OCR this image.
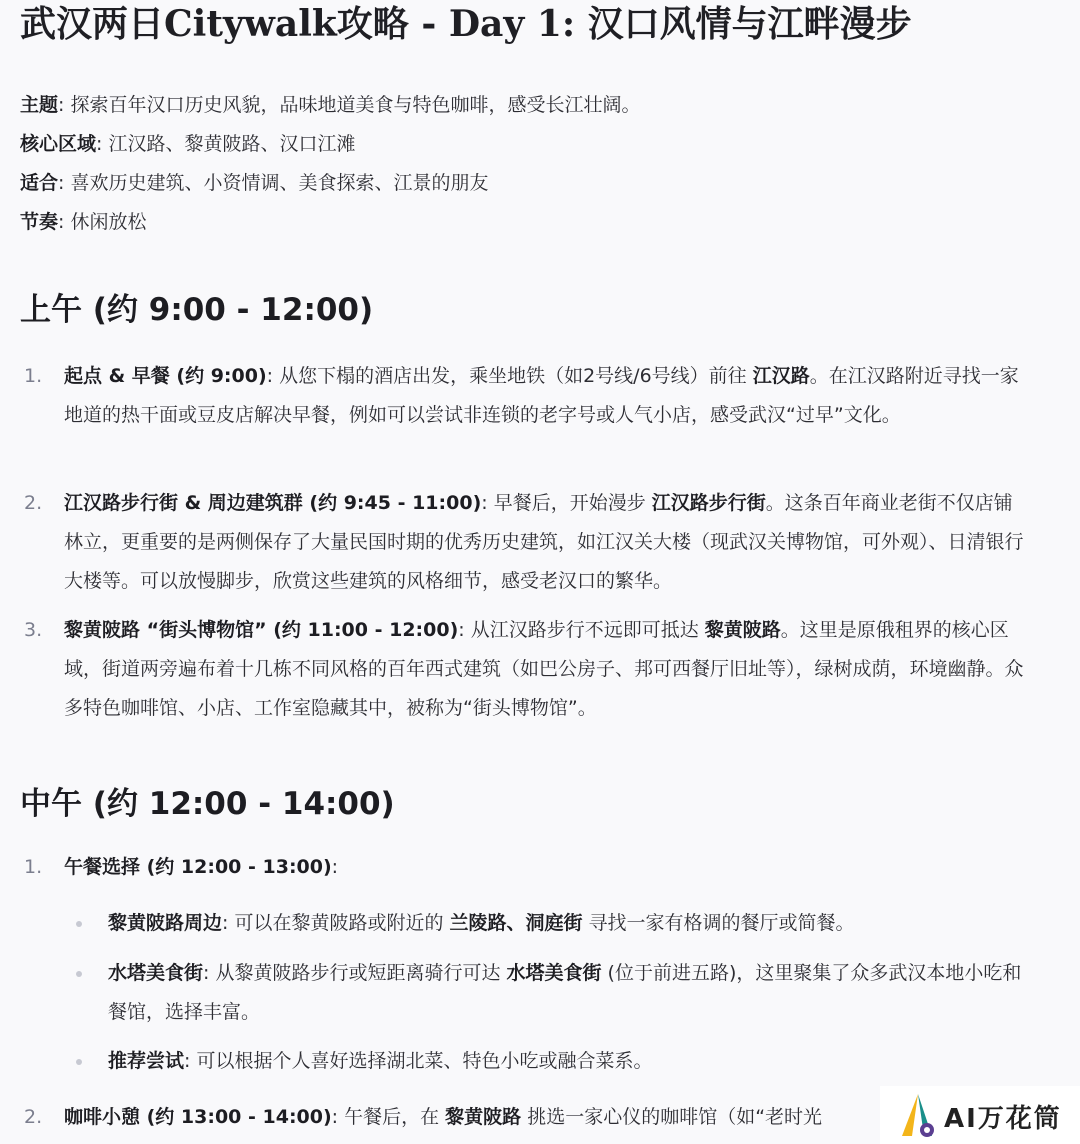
武汉两日Citywalk攻略 - Day 1: 汉口风情与江畔漫步
主题: 探索百年汉口历史风貌，品味地道美食与特色咖啡，感受长江壮阔。
核心区域: 江汉路、黎黄陂路、汉口江滩
适合: 喜欢历史建筑、小资情调、美食探索、江景的朋友
节奏: 休闲放松
上午 (约 9:00 - 12:00)
1. 起点 & 早餐 (约 9:00): 从您下榻的酒店出发，乘坐地铁（如2号线/6号线）前往 江汉路。在江汉路附近寻找一家地道的热干面或豆皮店解决早餐，例如可以尝试非连锁的老字号或人气小店，感受武汉“过早”文化。
2. 江汉路步行街 & 周边建筑群 (约 9:45 - 11:00): 早餐后，开始漫步 江汉路步行街。这条百年商业老街不仅店铺林立，更重要的是两侧保存了大量民国时期的优秀历史建筑，如江汉关大楼（现武汉关博物馆，可外观）、日清银行大楼等。可以放慢脚步，欣赏这些建筑的风格细节，感受老汉口的繁华。
3. 黎黄陂路 “街头博物馆” (约 11:00 - 12:00): 从江汉路步行不远即可抵达 黎黄陂路。这里是原俄租界的核心区域，街道两旁遍布着十几栋不同风格的百年西式建筑（如巴公房子、邦可西餐厅旧址等），绿树成荫，环境幽静。众多特色咖啡馆、小店、工作室隐藏其中，被称为“街头博物馆”。
中午 (约 12:00 - 14:00)
1. 午餐选择 (约 12:00 - 13:00):
黎黄陂路周边: 可以在黎黄陂路或附近的 兰陵路、洞庭街 寻找一家有格调的餐厅或简餐。
水塔美食街: 从黎黄陂路步行或短距离骑行可达 水塔美食街 (位于前进五路)，这里聚集了众多武汉本地小吃和餐馆，选择丰富。
推荐尝试: 可以根据个人喜好选择湖北菜、特色小吃或融合菜系。
2. 咖啡小憩 (约 13:00 - 14:00): 午餐后，在 黎黄陂路 挑选一家心仪的咖啡馆（如“老时光	AI万花筒
